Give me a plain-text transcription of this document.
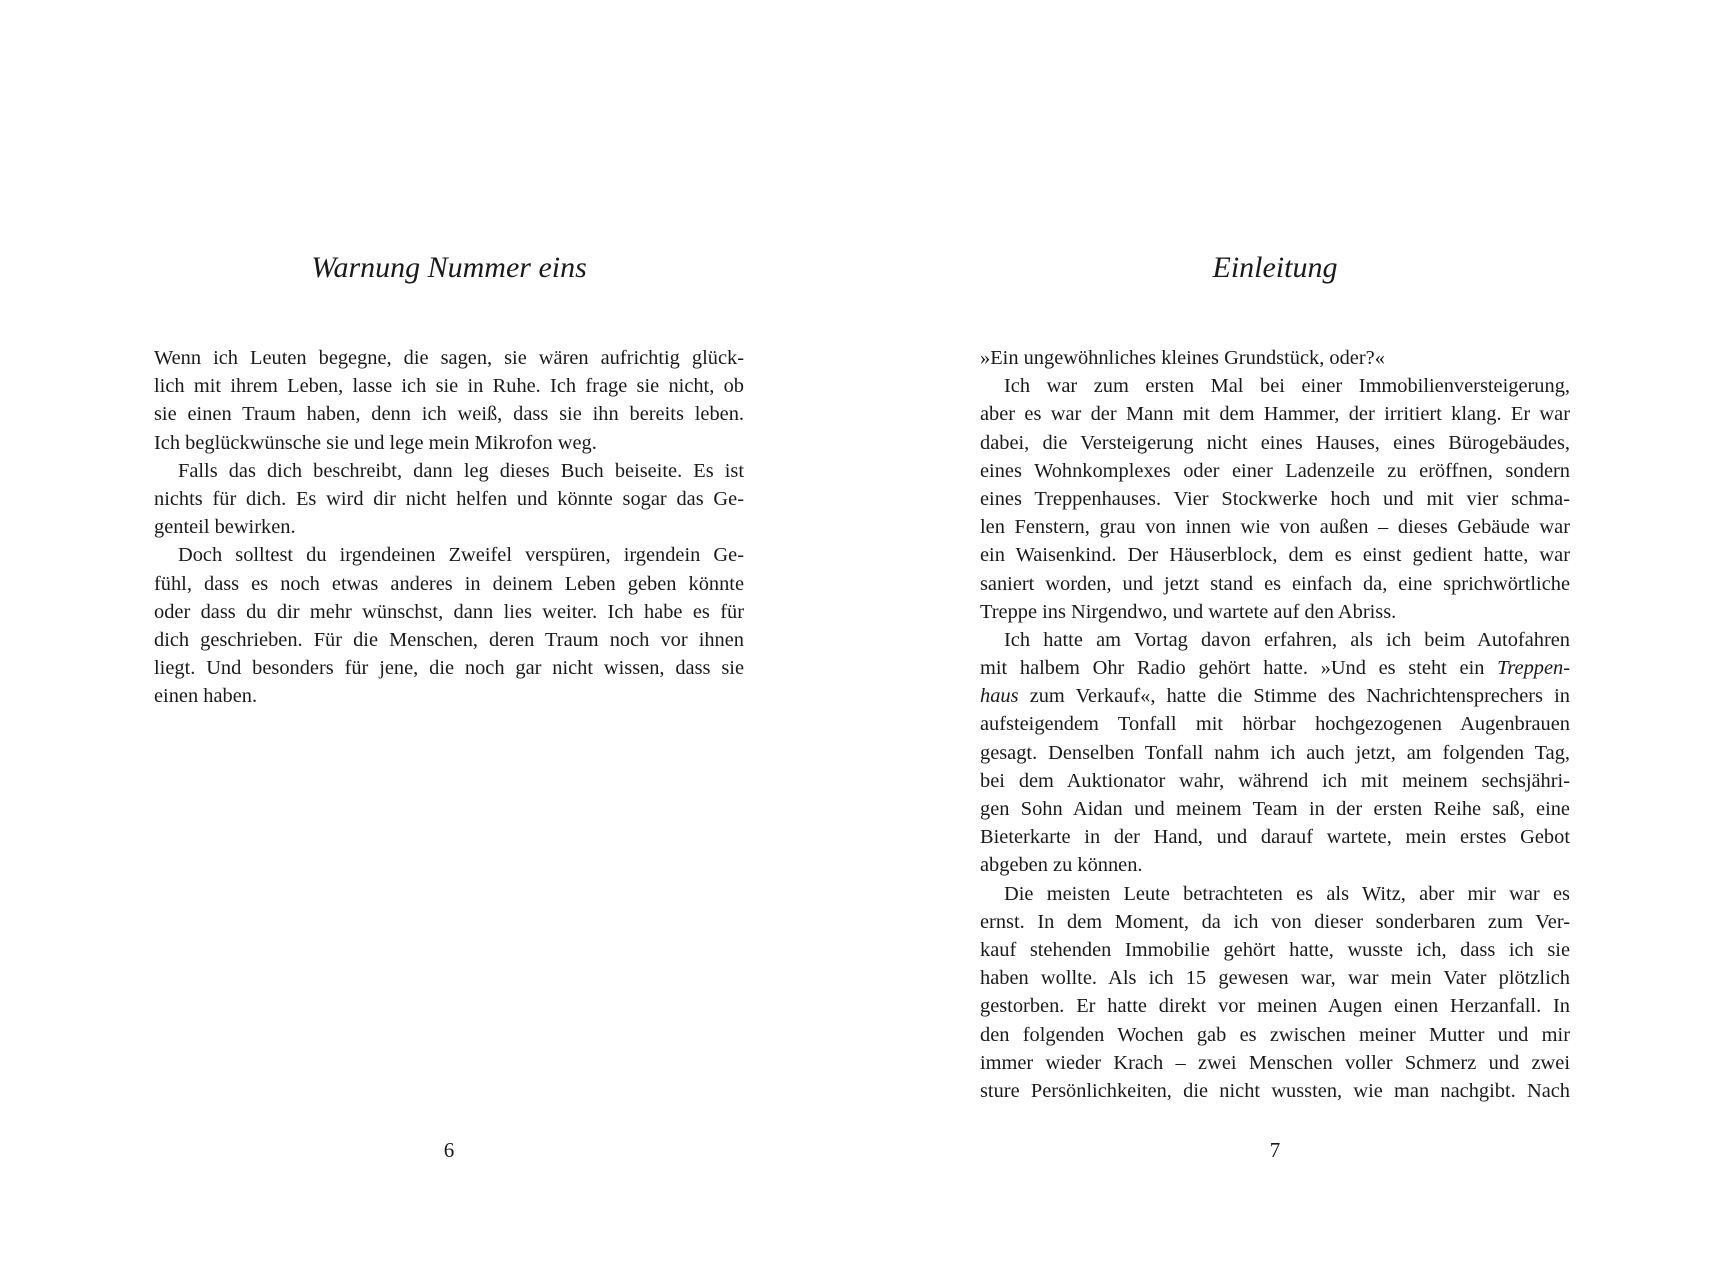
Warnung Nummer eins
Wenn ich Leuten begegne, die sagen, sie wären aufrichtig glück-
lich mit ihrem Leben, lasse ich sie in Ruhe. Ich frage sie nicht, ob
sie einen Traum haben, denn ich weiß, dass sie ihn bereits leben.
Ich beglückwünsche sie und lege mein Mikrofon weg.
Falls das dich beschreibt, dann leg dieses Buch beiseite. Es ist
nichts für dich. Es wird dir nicht helfen und könnte sogar das Ge-
genteil bewirken.
Doch solltest du irgendeinen Zweifel verspüren, irgendein Ge-
fühl, dass es noch etwas anderes in deinem Leben geben könnte
oder dass du dir mehr wünschst, dann lies weiter. Ich habe es für
dich geschrieben. Für die Menschen, deren Traum noch vor ihnen
liegt. Und besonders für jene, die noch gar nicht wissen, dass sie
einen haben.
6
Einleitung
»Ein ungewöhnliches kleines Grundstück, oder?«
Ich war zum ersten Mal bei einer Immobilienversteigerung,
aber es war der Mann mit dem Hammer, der irritiert klang. Er war
dabei, die Versteigerung nicht eines Hauses, eines Bürogebäudes,
eines Wohnkomplexes oder einer Ladenzeile zu eröffnen, sondern
eines Treppenhauses. Vier Stockwerke hoch und mit vier schma-
len Fenstern, grau von innen wie von außen – dieses Gebäude war
ein Waisenkind. Der Häuserblock, dem es einst gedient hatte, war
saniert worden, und jetzt stand es einfach da, eine sprichwörtliche
Treppe ins Nirgendwo, und wartete auf den Abriss.
Ich hatte am Vortag davon erfahren, als ich beim Autofahren
mit halbem Ohr Radio gehört hatte. »Und es steht ein Treppen-
haus zum Verkauf«, hatte die Stimme des Nachrichtensprechers in
aufsteigendem Tonfall mit hörbar hochgezogenen Augenbrauen
gesagt. Denselben Tonfall nahm ich auch jetzt, am folgenden Tag,
bei dem Auktionator wahr, während ich mit meinem sechsjähri-
gen Sohn Aidan und meinem Team in der ersten Reihe saß, eine
Bieterkarte in der Hand, und darauf wartete, mein erstes Gebot
abgeben zu können.
Die meisten Leute betrachteten es als Witz, aber mir war es
ernst. In dem Moment, da ich von dieser sonderbaren zum Ver-
kauf stehenden Immobilie gehört hatte, wusste ich, dass ich sie
haben wollte. Als ich 15 gewesen war, war mein Vater plötzlich
gestorben. Er hatte direkt vor meinen Augen einen Herzanfall. In
den folgenden Wochen gab es zwischen meiner Mutter und mir
immer wieder Krach – zwei Menschen voller Schmerz und zwei
sture Persönlichkeiten, die nicht wussten, wie man nachgibt. Nach
7
